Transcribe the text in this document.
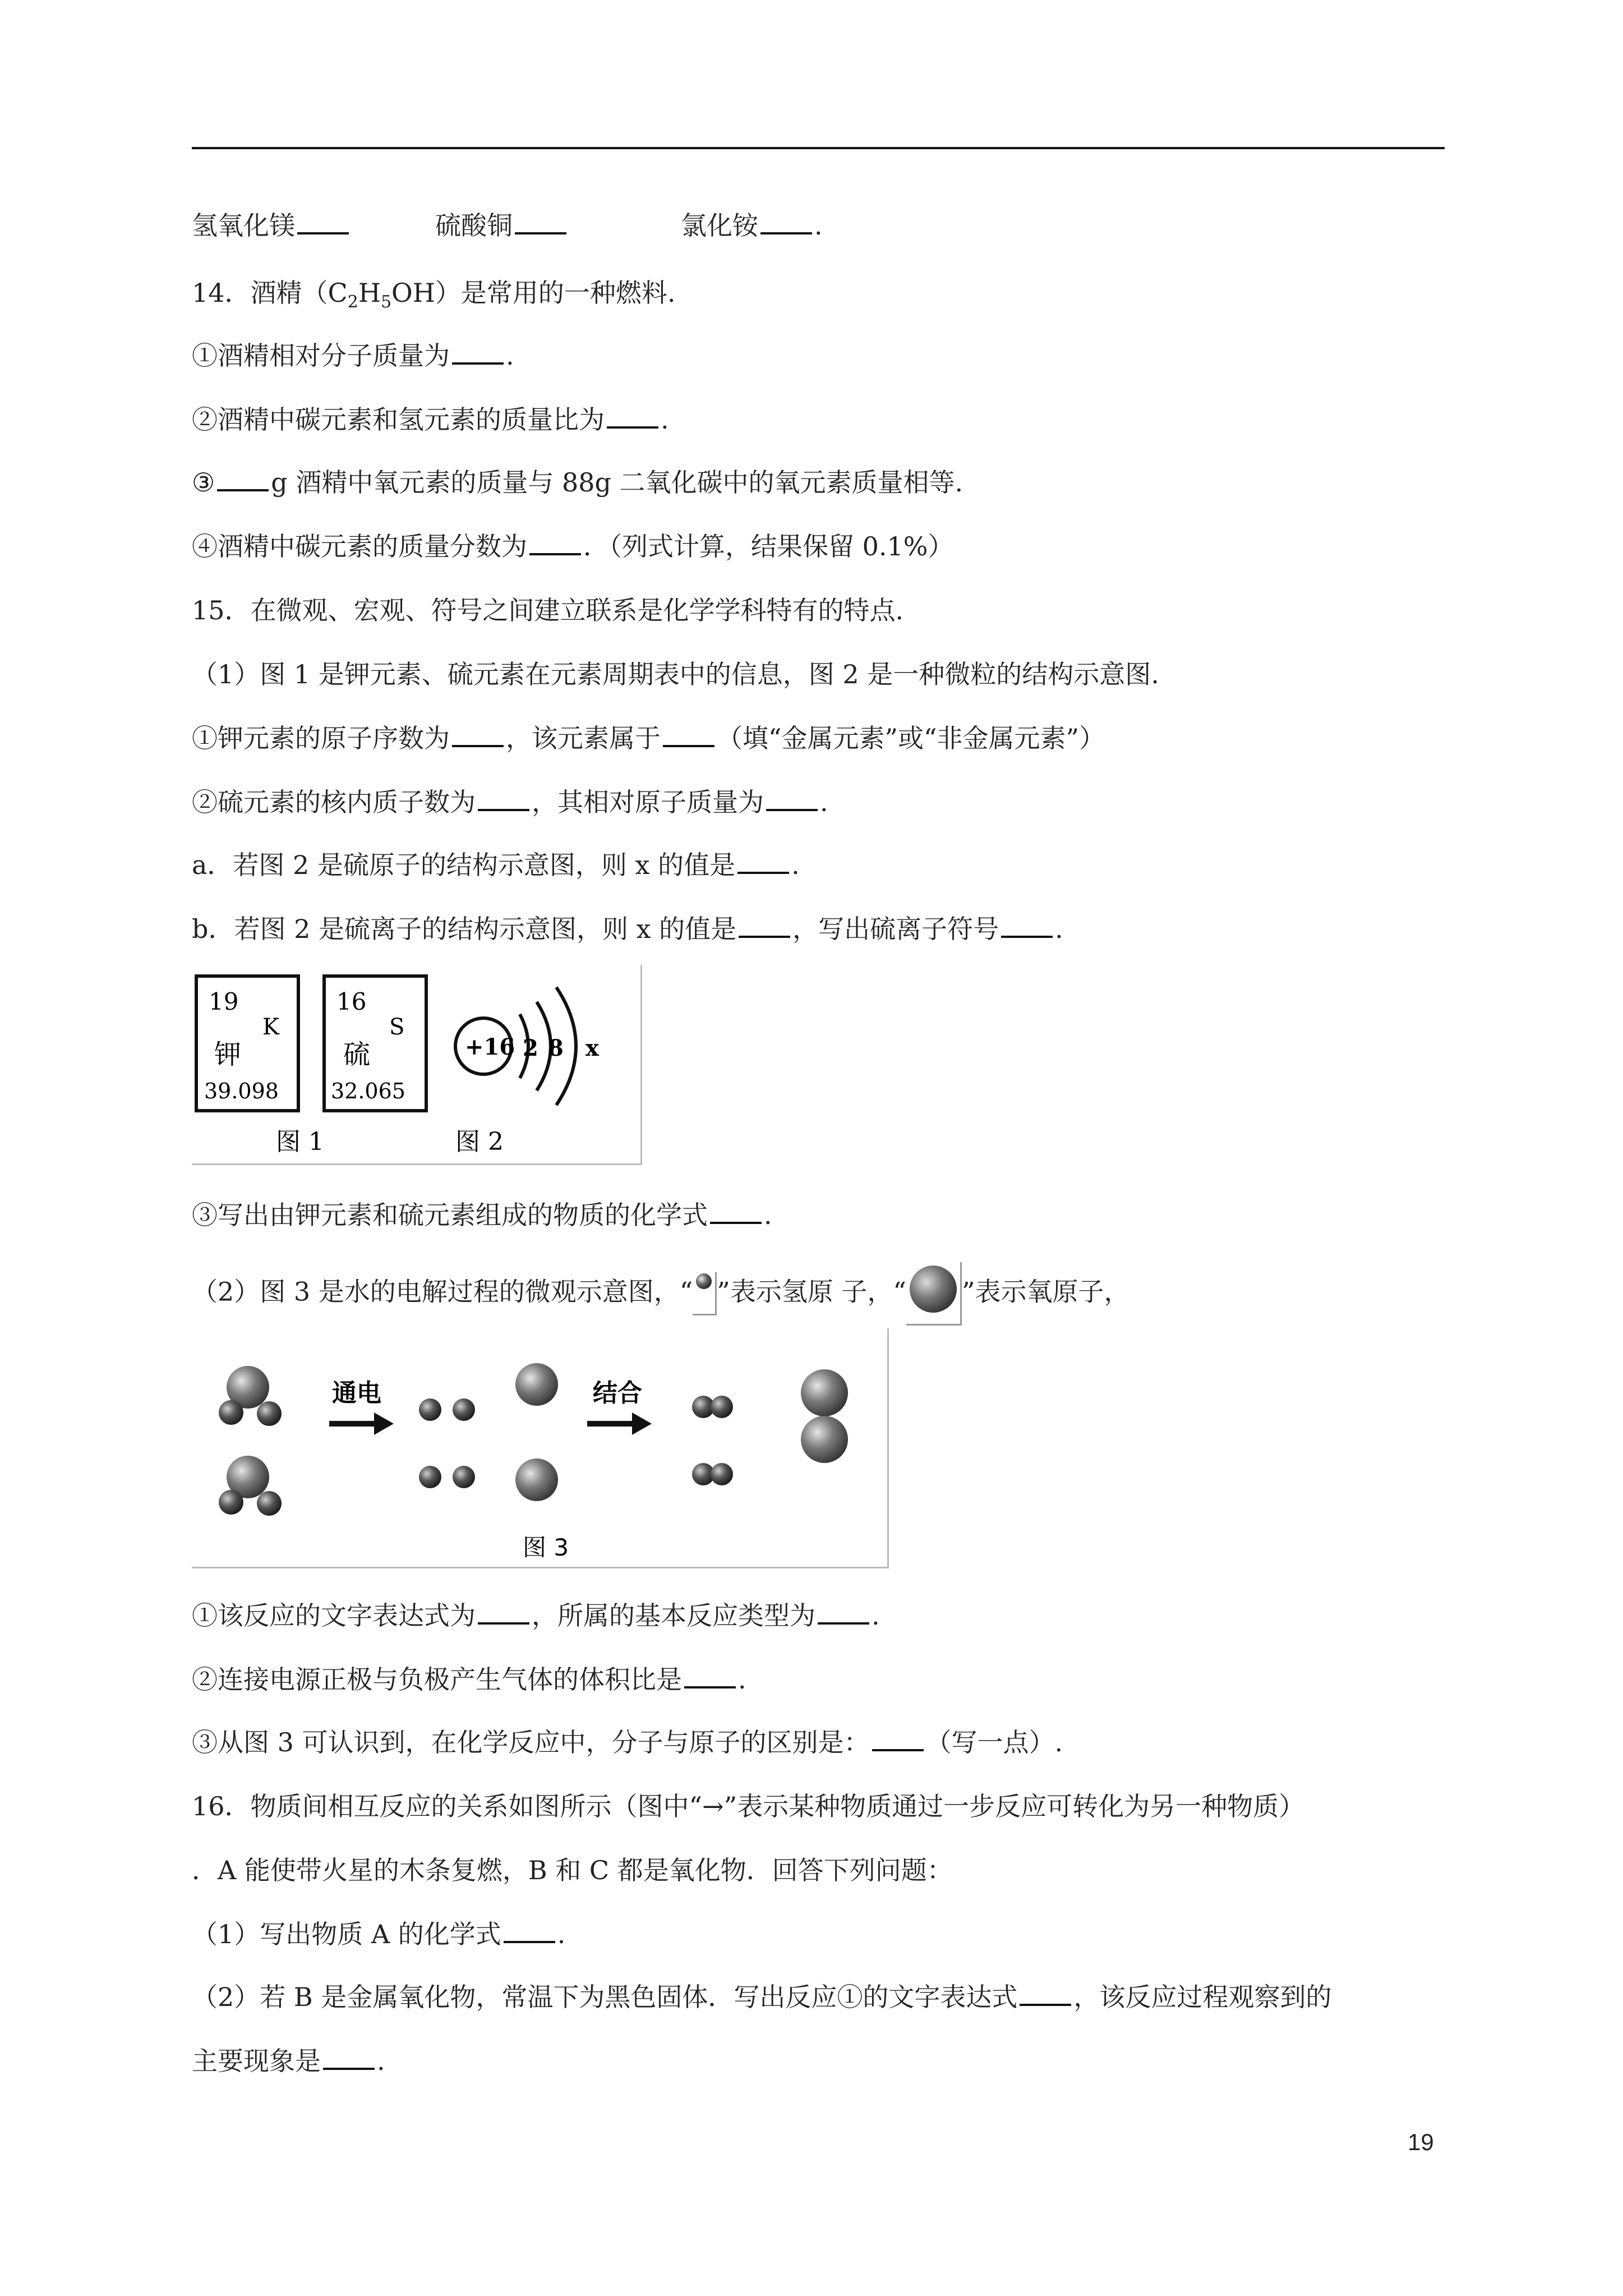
氢氧化镁	硫酸铜	氯化铵 .
14．酒精$(C_2H_5OH)$是常用的一种燃料.
①酒精相对分子质量为 .
②酒精中碳元素和氢元素的质量比为 .
③ g 酒精中氧元素的质量与 88g 二氧化碳中的氧元素质量相等.
④酒精中碳元素的质量分数为 ．（列式计算，结果保留 0.1%）
15．在微观、宏观、符号之间建立联系是化学学科特有的特点.
（1）图 1 是钾元素、硫元素在元素周期表中的信息，图 2 是一种微粒的结构示意图.
①钾元素的原子序数为 ，该元素属于 （填“金属元素”或“非金属元素”）
②硫元素的核内质子数为 ，其相对原子质量为 .
a．若图 2 是硫原子的结构示意图，则 x 的值是 .
b．若图 2 是硫离子的结构示意图，则 x 的值是 ，写出硫离子符号 .
19
K
钾
39.098
16
S
硫
32.065
+16 2 8 x
图 1	图 2
③写出由钾元素和硫元素组成的物质的化学式 .
（2）图 3 是水的电解过程的微观示意图，“ ”表示氢原 子，“ ”表示氧原子，
通电	结合
图 3
①该反应的文字表达式为 ，所属的基本反应类型为 .
②连接电源正极与负极产生气体的体积比是 .
③从图 3 可认识到，在化学反应中，分子与原子的区别是： （写一点）.
16．物质间相互反应的关系如图所示（图中“→”表示某种物质通过一步反应可转化为另一种物质）
．A 能使带火星的木条复燃，B 和 C 都是氧化物．回答下列问题：
（1）写出物质 A 的化学式 .
（2）若 B 是金属氧化物，常温下为黑色固体．写出反应①的文字表达式 ，该反应过程观察到的
主要现象是 .
19
